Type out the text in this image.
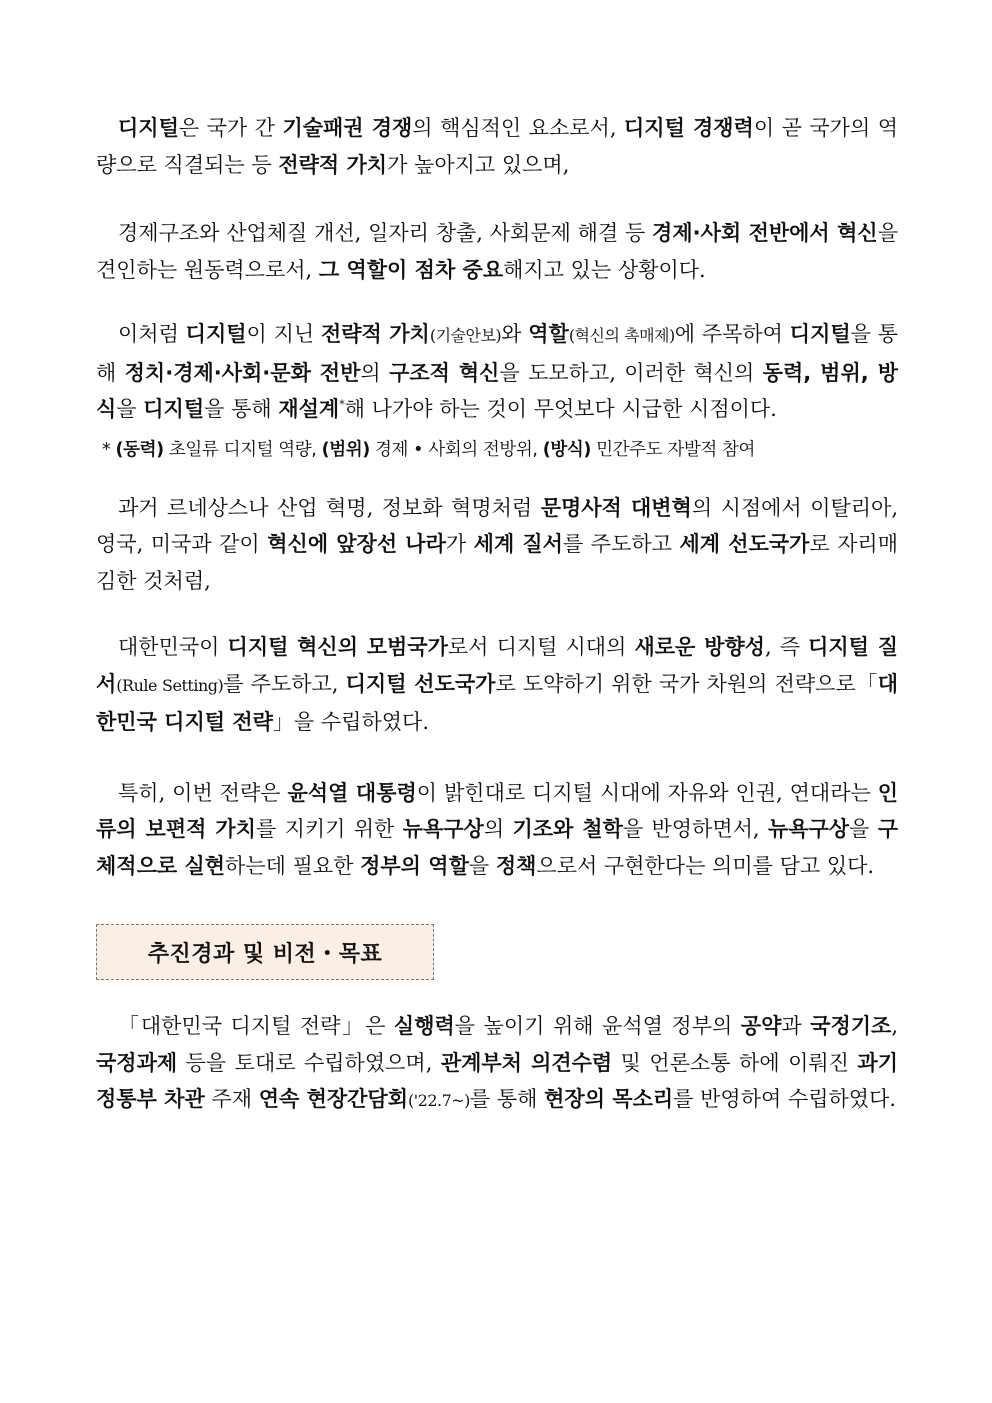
디지털은 국가 간 기술패권 경쟁의 핵심적인 요소로서, 디지털 경쟁력이 곧 국가의 역량으로 직결되는 등 전략적 가치가 높아지고 있으며,

경제구조와 산업체질 개선, 일자리 창출, 사회문제 해결 등 경제·사회 전반에서 혁신을 견인하는 원동력으로서, 그 역할이 점차 중요해지고 있는 상황이다.

이처럼 디지털이 지닌 전략적 가치(기술안보)와 역할(혁신의 촉매제)에 주목하여 디지털을 통해 정치·경제·사회·문화 전반의 구조적 혁신을 도모하고, 이러한 혁신의 동력, 범위, 방식을 디지털을 통해 재설계*해 나가야 하는 것이 무엇보다 시급한 시점이다.

* (동력) 초일류 디지털 역량, (범위) 경제 • 사회의 전방위, (방식) 민간주도 자발적 참여

과거 르네상스나 산업 혁명, 정보화 혁명처럼 문명사적 대변혁의 시점에서 이탈리아, 영국, 미국과 같이 혁신에 앞장선 나라가 세계 질서를 주도하고 세계 선도국가로 자리매김한 것처럼,

대한민국이 디지털 혁신의 모범국가로서 디지털 시대의 새로운 방향성, 즉 디지털 질서(Rule Setting)를 주도하고, 디지털 선도국가로 도약하기 위한 국가 차원의 전략으로「대한민국 디지털 전략」을 수립하였다.

특히, 이번 전략은 윤석열 대통령이 밝힌대로 디지털 시대에 자유와 인권, 연대라는 인류의 보편적 가치를 지키기 위한 뉴욕구상의 기조와 철학을 반영하면서, 뉴욕구상을 구체적으로 실현하는데 필요한 정부의 역할을 정책으로서 구현한다는 의미를 담고 있다.

추진경과 및 비전・목표

「대한민국 디지털 전략」은 실행력을 높이기 위해 윤석열 정부의 공약과 국정기조, 국정과제 등을 토대로 수립하였으며, 관계부처 의견수렴 및 언론소통 하에 이뤄진 과기정통부 차관 주재 연속 현장간담회('22.7~)를 통해 현장의 목소리를 반영하여 수립하였다.
